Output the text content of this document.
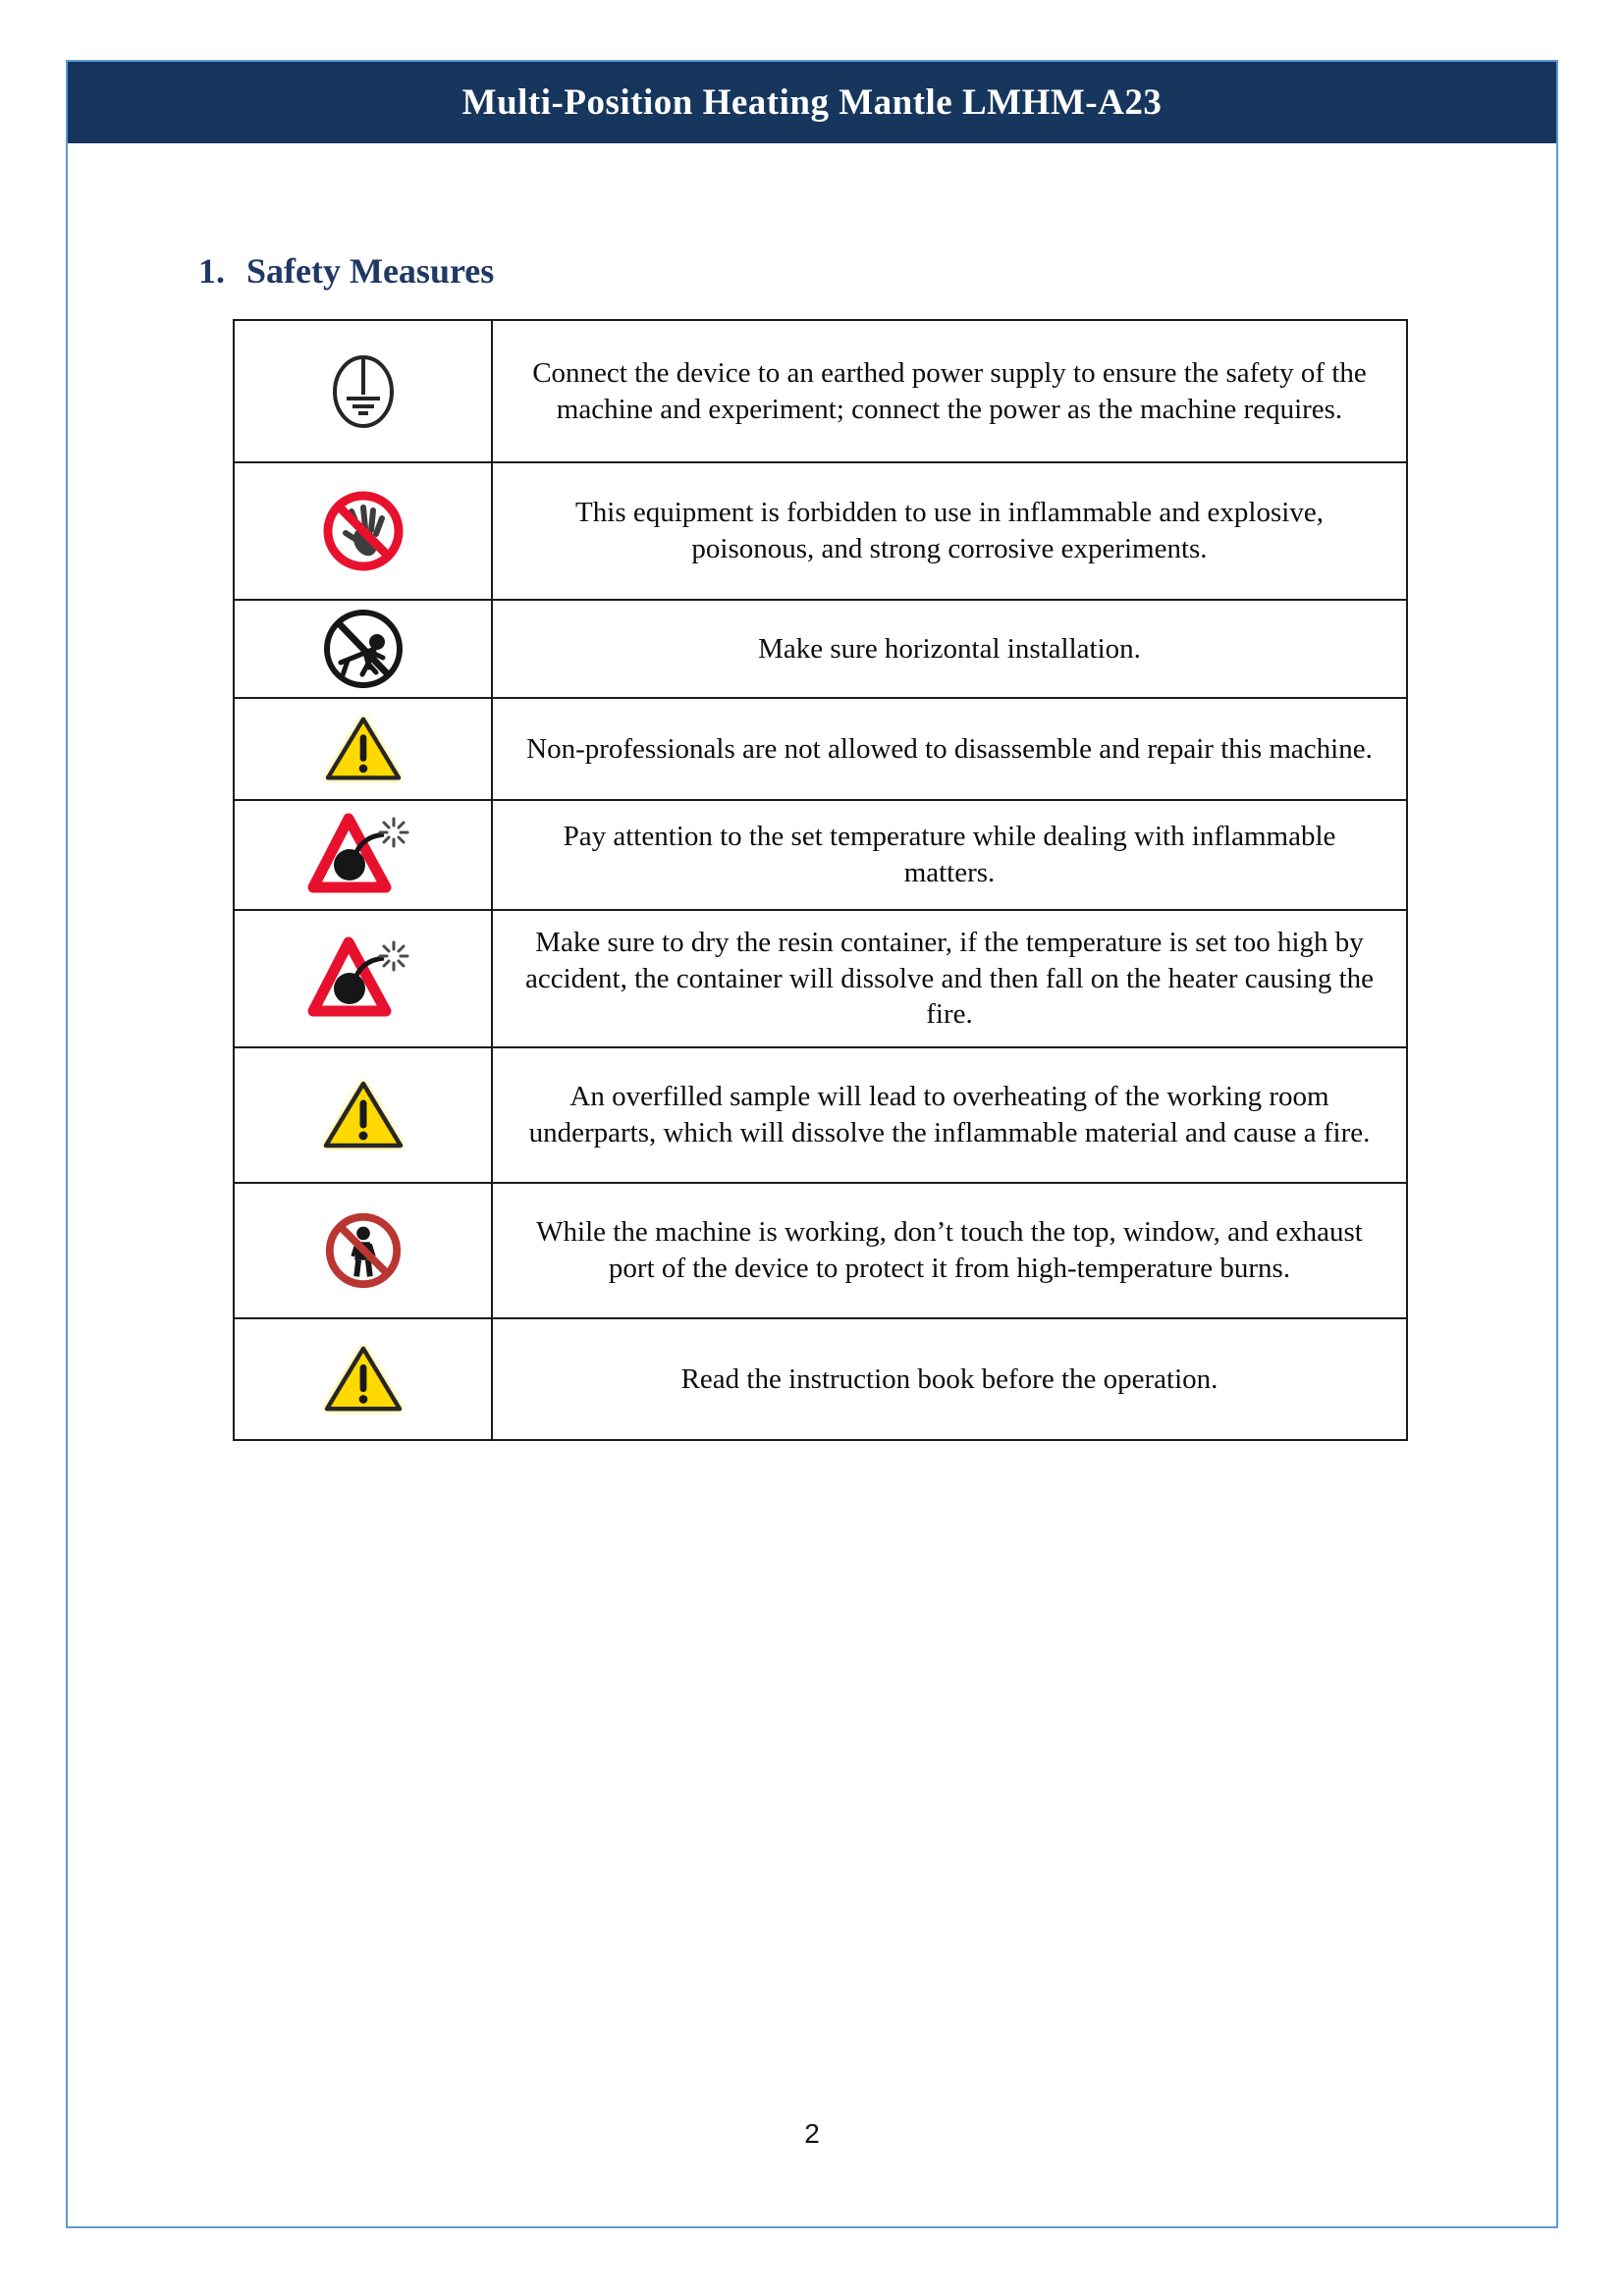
Multi-Position Heating Mantle LMHM-A23
1. Safety Measures
	Connect the device to an earthed power supply to ensure the safety of the machine and experiment; connect the power as the machine requires.

	This equipment is forbidden to use in inflammable and explosive, poisonous, and strong corrosive experiments.

	Make sure horizontal installation.

	Non-professionals are not allowed to disassemble and repair this machine.

	Pay attention to the set temperature while dealing with inflammable matters.

	Make sure to dry the resin container, if the temperature is set too high by accident, the container will dissolve and then fall on the heater causing the fire.

	An overfilled sample will lead to overheating of the working room underparts, which will dissolve the inflammable material and cause a fire.

	While the machine is working, don’t touch the top, window, and exhaust port of the device to protect it from high-temperature burns.

	Read the instruction book before the operation.
2
